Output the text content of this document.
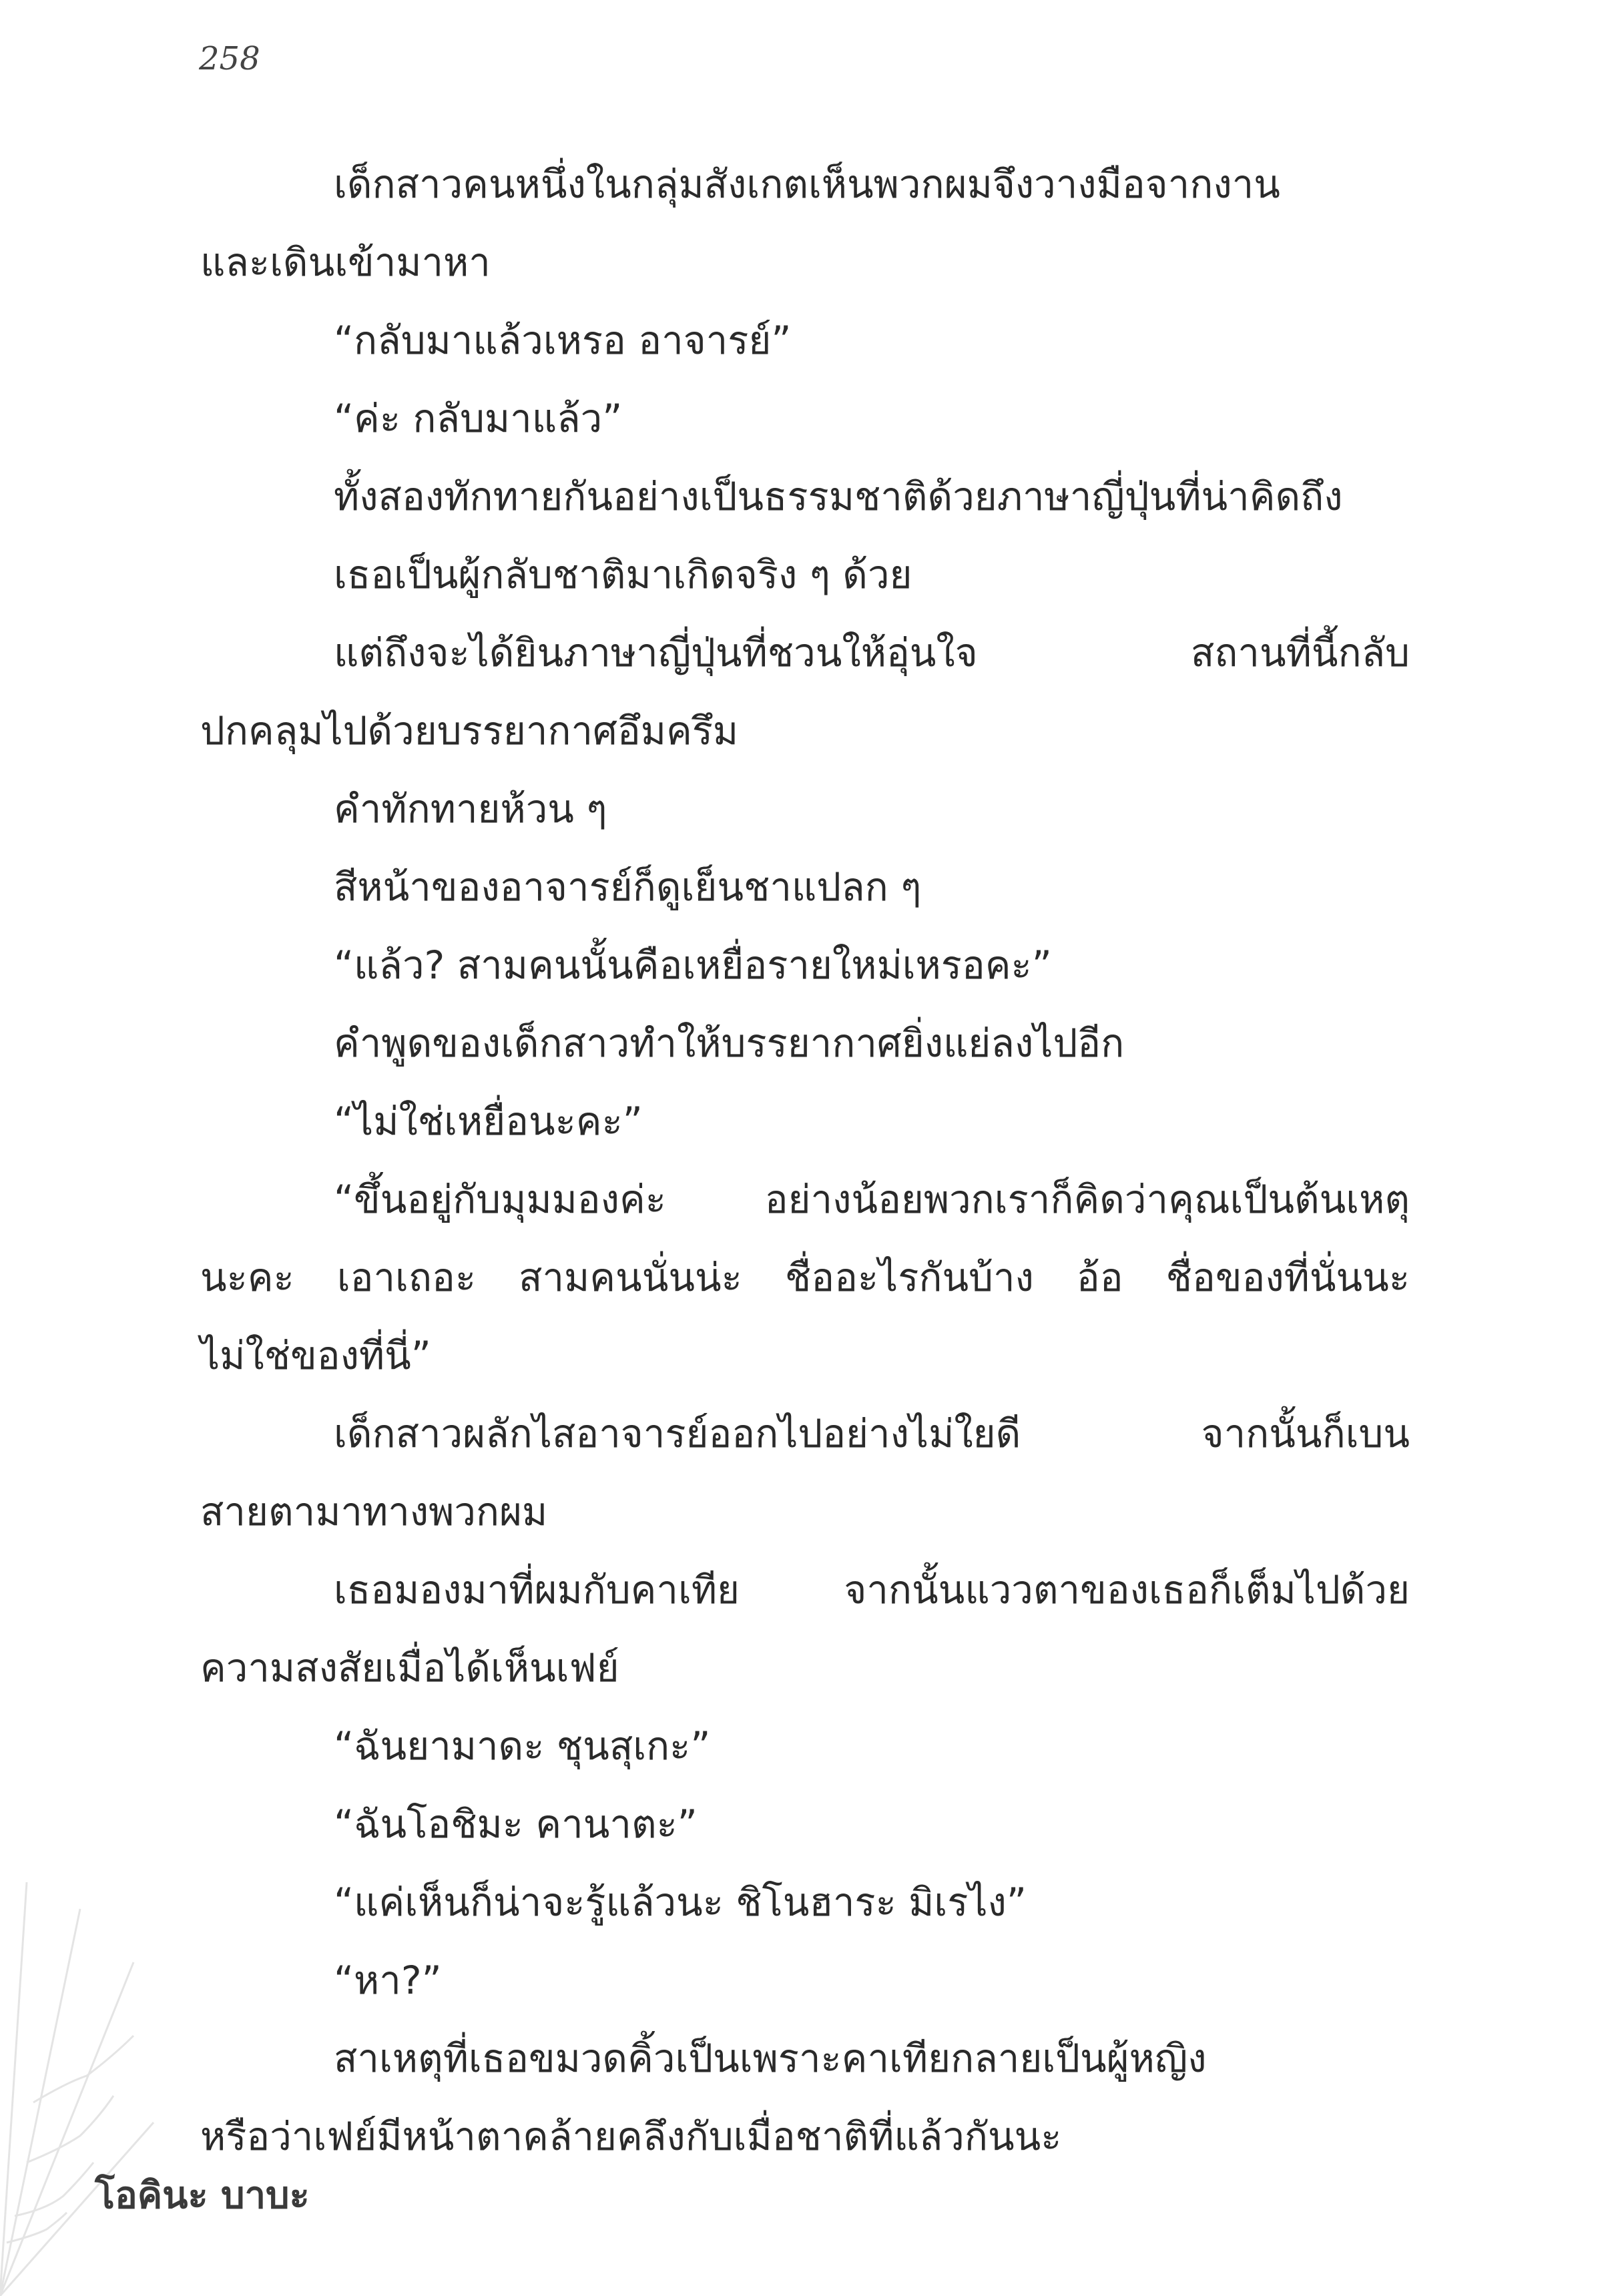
258
เด็กสาวคนหนึ่งในกลุ่มสังเกตเห็นพวกผมจึงวางมือจากงาน
และเดินเข้ามาหา
“กลับมาแล้วเหรอ อาจารย์”
“ค่ะ กลับมาแล้ว”
ทั้งสองทักทายกันอย่างเป็นธรรมชาติด้วยภาษาญี่ปุ่นที่น่าคิดถึง
เธอเป็นผู้กลับชาติมาเกิดจริง ๆ ด้วย
แต่ถึงจะได้ยินภาษาญี่ปุ่นที่ชวนให้อุ่นใจ สถานที่นี้กลับ
ปกคลุมไปด้วยบรรยากาศอึมครึม
คำทักทายห้วน ๆ
สีหน้าของอาจารย์ก็ดูเย็นชาแปลก ๆ
“แล้ว? สามคนนั้นคือเหยื่อรายใหม่เหรอคะ”
คำพูดของเด็กสาวทำให้บรรยากาศยิ่งแย่ลงไปอีก
“ไม่ใช่เหยื่อนะคะ”
“ขึ้นอยู่กับมุมมองค่ะ อย่างน้อยพวกเราก็คิดว่าคุณเป็นต้นเหตุ
นะคะ เอาเถอะ สามคนนั่นน่ะ ชื่ออะไรกันบ้าง อ้อ ชื่อของที่นั่นนะ
ไม่ใช่ของที่นี่”
เด็กสาวผลักไสอาจารย์ออกไปอย่างไม่ใยดี จากนั้นก็เบน
สายตามาทางพวกผม
เธอมองมาที่ผมกับคาเทีย จากนั้นแววตาของเธอก็เต็มไปด้วย
ความสงสัยเมื่อได้เห็นเฟย์
“ฉันยามาดะ ชุนสุเกะ”
“ฉันโอชิมะ คานาตะ”
“แค่เห็นก็น่าจะรู้แล้วนะ ชิโนฮาระ มิเรไง”
“หา?”
สาเหตุที่เธอขมวดคิ้วเป็นเพราะคาเทียกลายเป็นผู้หญิง
หรือว่าเฟย์มีหน้าตาคล้ายคลึงกับเมื่อชาติที่แล้วกันนะ
โอคินะ บาบะ
